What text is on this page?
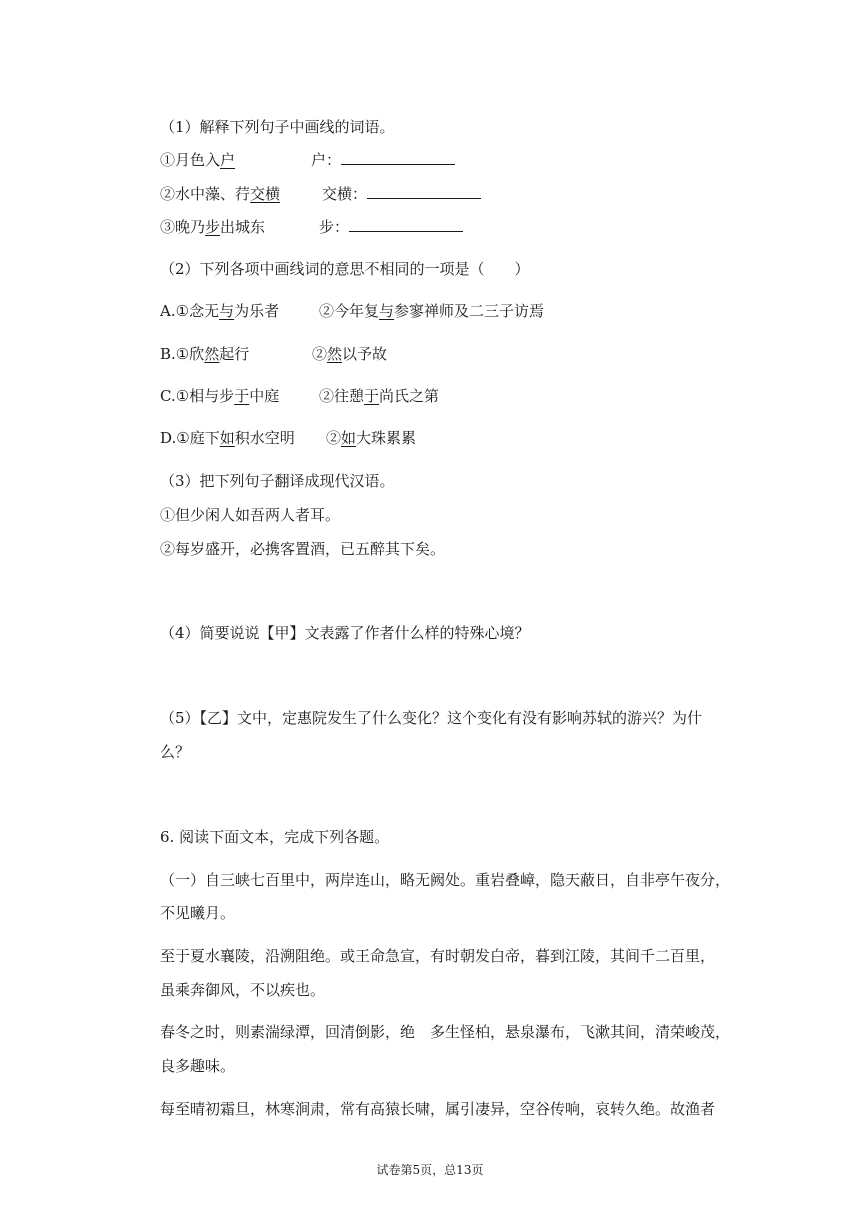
（1）解释下列句子中画线的词语。
①月色入户	户：
②水中藻、荇交横	交横：
③晚乃步出城东	步：
（2）下列各项中画线词的意思不相同的一项是（　　）
A.①念无与为乐者	②今年复与参寥禅师及二三子访焉
B.①欣然起行	②然以予故
C.①相与步于中庭	②往憩于尚氏之第
D.①庭下如积水空明 ②如大珠累累
（3）把下列句子翻译成现代汉语。
①但少闲人如吾两人者耳。
②每岁盛开，必携客置酒，已五醉其下矣。
（4）简要说说【甲】文表露了作者什么样的特殊心境？
（5）【乙】文中，定惠院发生了什么变化？这个变化有没有影响苏轼的游兴？为什
么？
6. 阅读下面文本，完成下列各题。
（一）自三峡七百里中，两岸连山，略无阙处。重岩叠嶂，隐天蔽日，自非亭午夜分，
不见曦月。
至于夏水襄陵，沿溯阻绝。或王命急宣，有时朝发白帝，暮到江陵，其间千二百里，
虽乘奔御风，不以疾也。
春冬之时，则素湍绿潭，回清倒影，绝 多生怪柏，悬泉瀑布，飞漱其间，清荣峻茂，
良多趣味。
每至晴初霜旦，林寒涧肃，常有高猿长啸，属引凄异，空谷传响，哀转久绝。故渔者
试卷第5页，总13页
